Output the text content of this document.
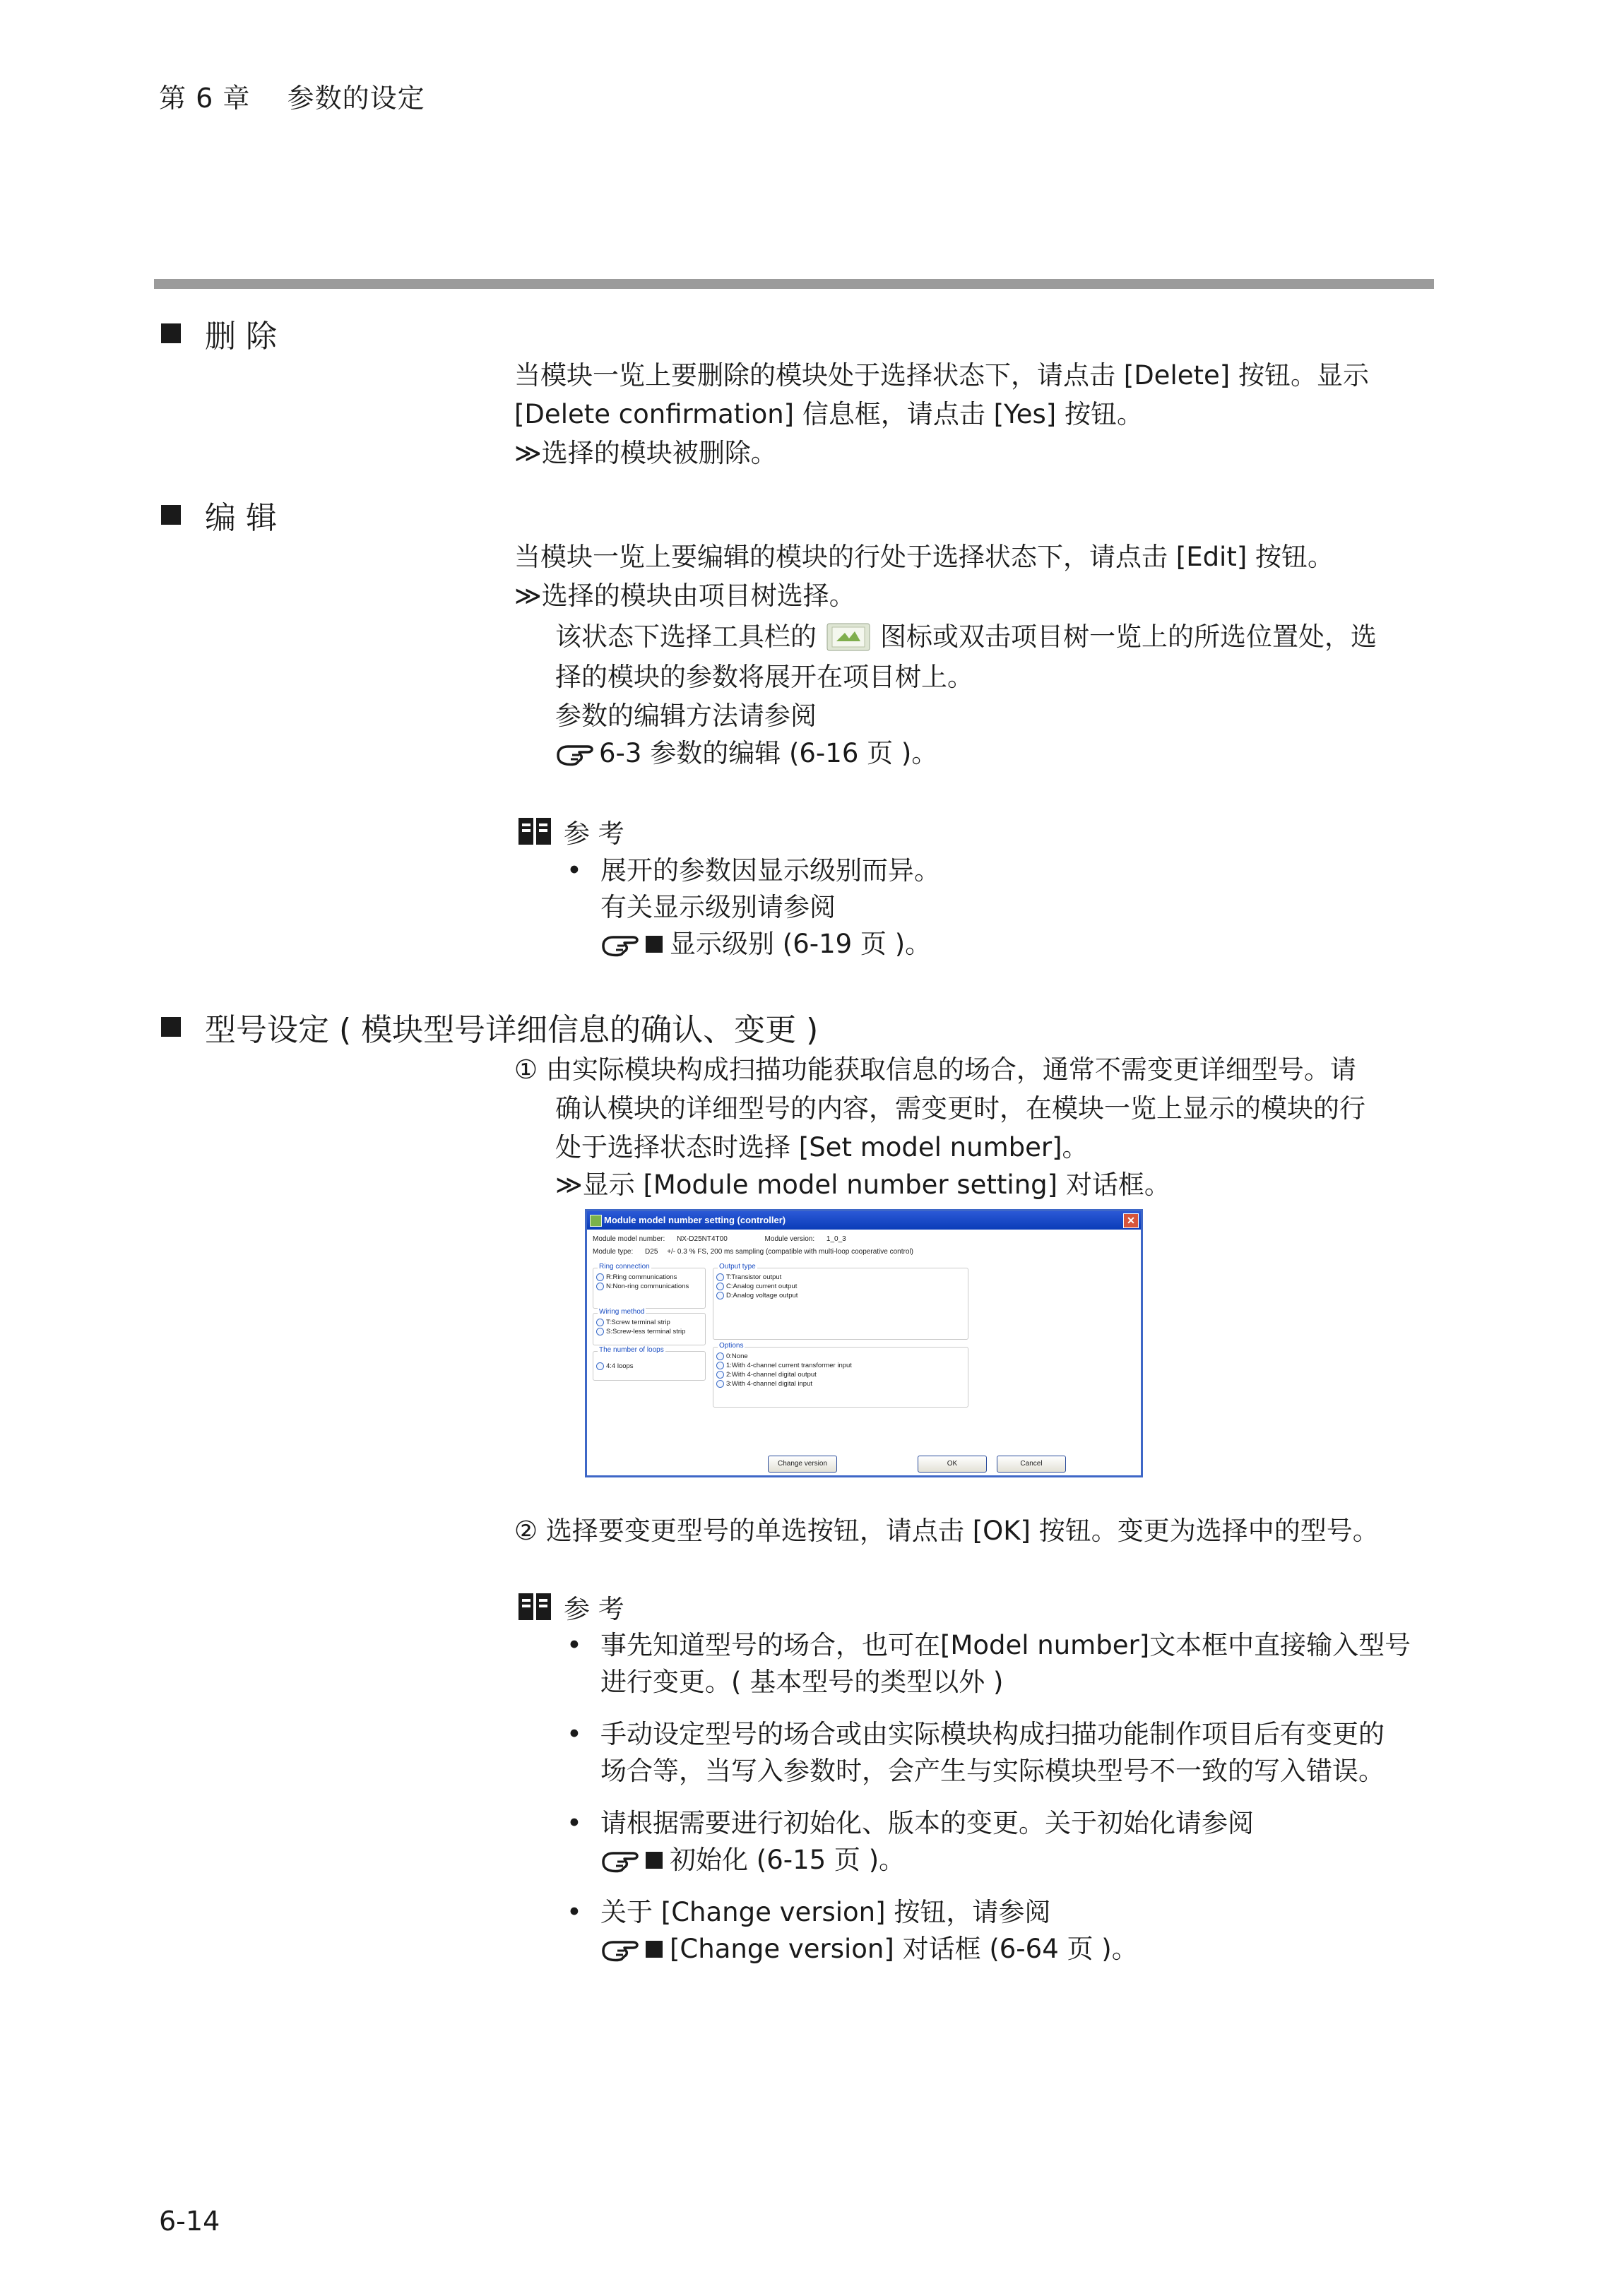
第 6 章    参数的设定
删 除
当模块一览上要删除的模块处于选择状态下，请点击 [Delete] 按钮。显示
[Delete confirmation] 信息框，请点击 [Yes] 按钮。
≫选择的模块被删除。
编 辑
当模块一览上要编辑的模块的行处于选择状态下，请点击 [Edit] 按钮。
≫选择的模块由项目树选择。
该状态下选择工具栏的 图标或双击项目树一览上的所选位置处，选
择的模块的参数将展开在项目树上。
参数的编辑方法请参阅
6-3 参数的编辑 (6-16 页 )。
参 考
• 展开的参数因显示级别而异。
有关显示级别请参阅
显示级别 (6-19 页 )。
型号设定 ( 模块型号详细信息的确认、变更 )
① 由实际模块构成扫描功能获取信息的场合，通常不需变更详细型号。请
确认模块的详细型号的内容，需变更时，在模块一览上显示的模块的行
处于选择状态时选择 [Set model number]。
≫显示 [Module model number setting] 对话框。
Module model number setting (controller)	✕
Module model number: NX-D25NT4T00	Module version: 1_0_3
Module type: D25 +/- 0.3 % FS, 200 ms sampling (compatible with multi-loop cooperative control)
Ring connection
R:Ring communications
N:Non-ring communications
Wiring method
T:Screw terminal strip
S:Screw-less terminal strip
The number of loops
4:4 loops
Output type
T:Transistor output
C:Analog current output
D:Analog voltage output
Options
0:None
1:With 4-channel current transformer input
2:With 4-channel digital output
3:With 4-channel digital input
Change version	OK	Cancel
② 选择要变更型号的单选按钮，请点击 [OK] 按钮。变更为选择中的型号。
参 考
• 事先知道型号的场合，也可在[Model number]文本框中直接输入型号
进行变更。( 基本型号的类型以外 )
• 手动设定型号的场合或由实际模块构成扫描功能制作项目后有变更的
场合等，当写入参数时，会产生与实际模块型号不一致的写入错误。
• 请根据需要进行初始化、版本的变更。关于初始化请参阅
初始化 (6-15 页 )。
• 关于 [Change version] 按钮，请参阅
[Change version] 对话框 (6-64 页 )。
6-14
